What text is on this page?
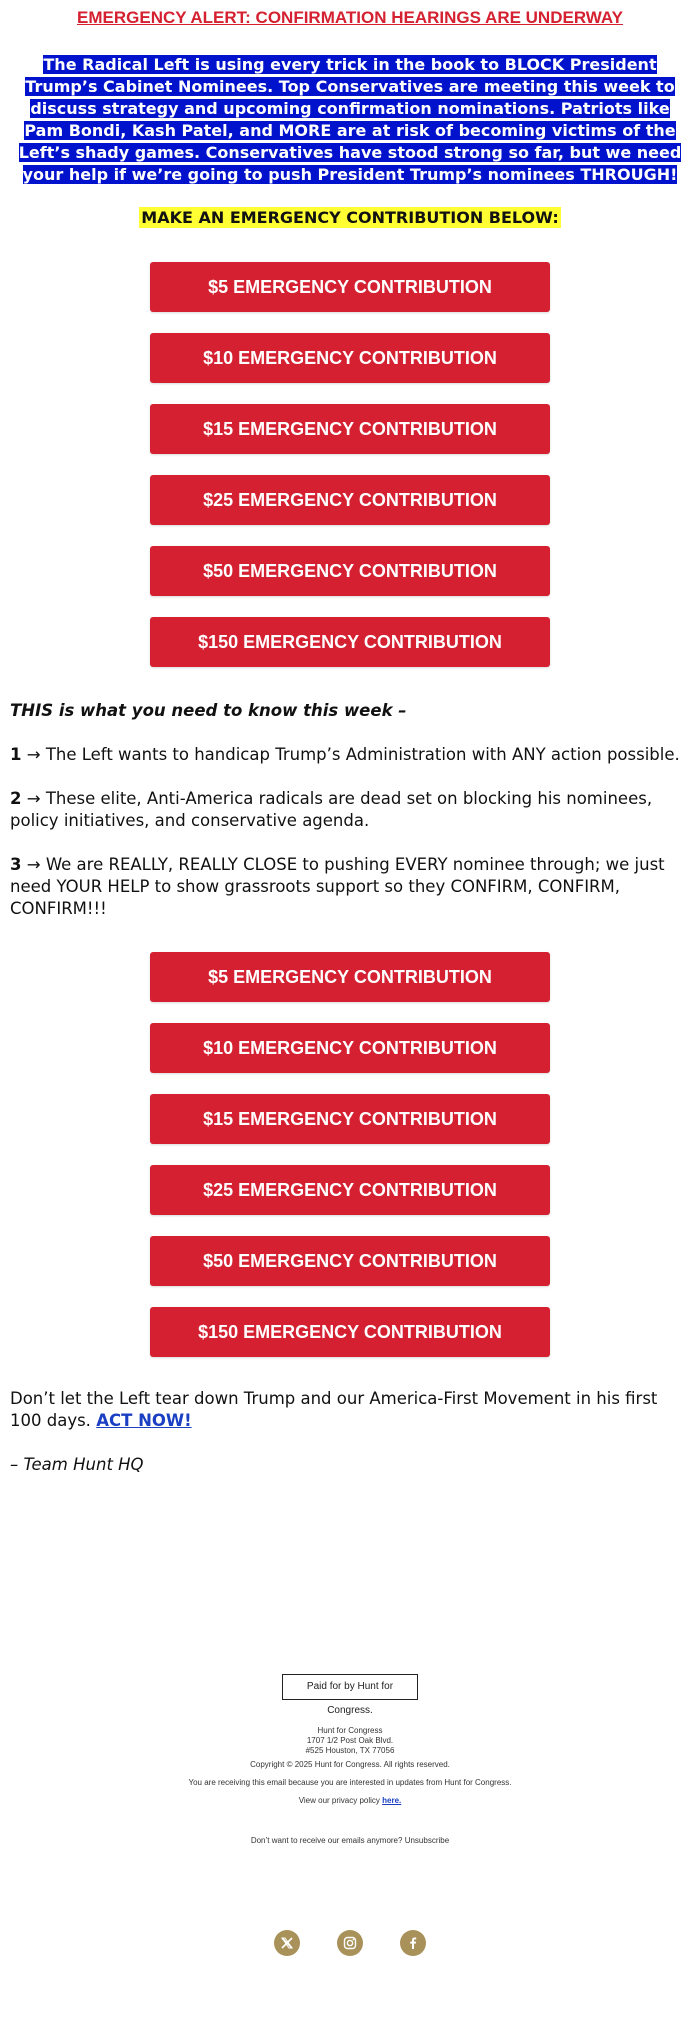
EMERGENCY ALERT: CONFIRMATION HEARINGS ARE UNDERWAY

The Radical Left is using every trick in the book to BLOCK President Trump’s Cabinet Nominees. Top Conservatives are meeting this week to discuss strategy and upcoming confirmation nominations. Patriots like Pam Bondi, Kash Patel, and MORE are at risk of becoming victims of the Left’s shady games. Conservatives have stood strong so far, but we need your help if we’re going to push President Trump’s nominees THROUGH!

MAKE AN EMERGENCY CONTRIBUTION BELOW:

$5 EMERGENCY CONTRIBUTION
$10 EMERGENCY CONTRIBUTION
$15 EMERGENCY CONTRIBUTION
$25 EMERGENCY CONTRIBUTION
$50 EMERGENCY CONTRIBUTION
$150 EMERGENCY CONTRIBUTION

THIS is what you need to know this week –

1 → The Left wants to handicap Trump’s Administration with ANY action possible.

2 → These elite, Anti-America radicals are dead set on blocking his nominees, policy initiatives, and conservative agenda.

3 → We are REALLY, REALLY CLOSE to pushing EVERY nominee through; we just need YOUR HELP to show grassroots support so they CONFIRM, CONFIRM, CONFIRM!!!

$5 EMERGENCY CONTRIBUTION
$10 EMERGENCY CONTRIBUTION
$15 EMERGENCY CONTRIBUTION
$25 EMERGENCY CONTRIBUTION
$50 EMERGENCY CONTRIBUTION
$150 EMERGENCY CONTRIBUTION

Don’t let the Left tear down Trump and our America-First Movement in his first 100 days. ACT NOW!

– Team Hunt HQ

Paid for by Hunt for Congress.

Hunt for Congress
1707 1/2 Post Oak Blvd.
#525 Houston, TX 77056

Copyright © 2025 Hunt for Congress. All rights reserved.

You are receiving this email because you are interested in updates from Hunt for Congress.

View our privacy policy here.

Don’t want to receive our emails anymore? Unsubscribe
